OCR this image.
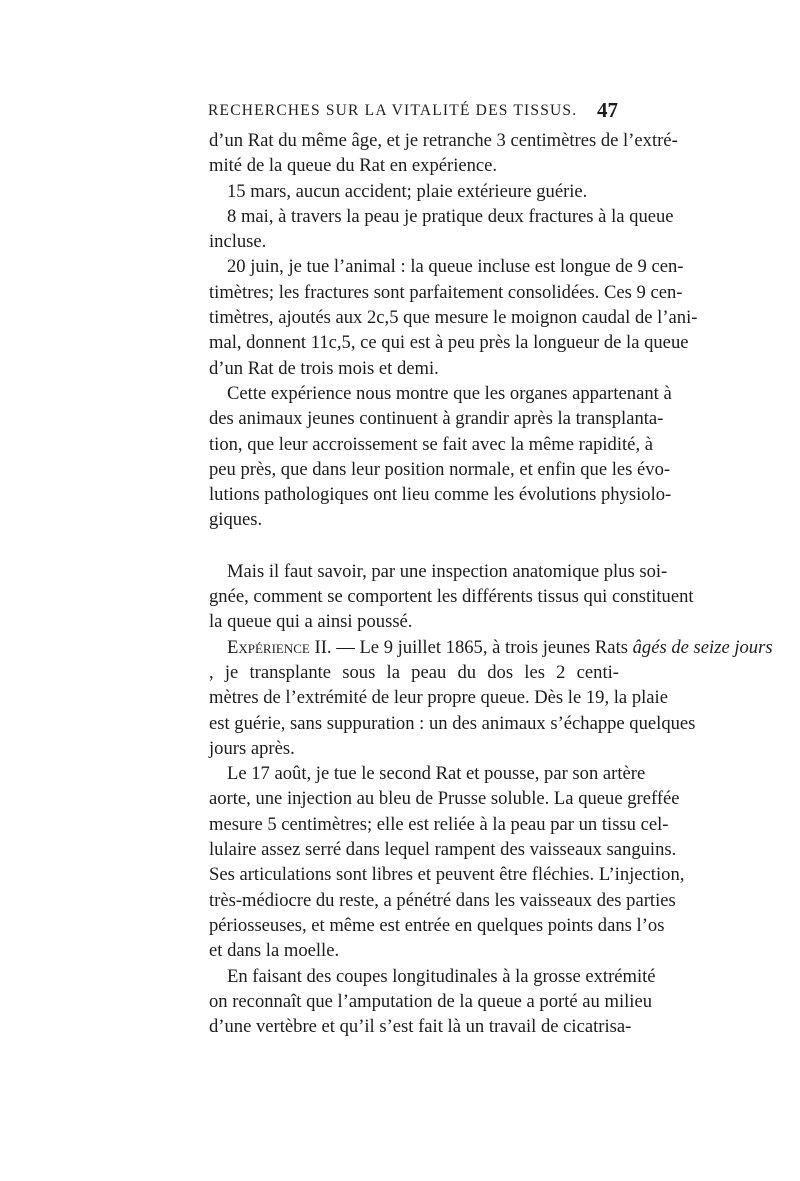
RECHERCHES SUR LA VITALITÉ DES TISSUS. 47
d’un Rat du même âge, et je retranche 3 centimètres de l’extré-
mité de la queue du Rat en expérience.
15 mars, aucun accident; plaie extérieure guérie.
8 mai, à travers la peau je pratique deux fractures à la queue
incluse.
20 juin, je tue l’animal : la queue incluse est longue de 9 cen-
timètres; les fractures sont parfaitement consolidées. Ces 9 cen-
timètres, ajoutés aux 2c,5 que mesure le moignon caudal de l’ani-
mal, donnent 11c,5, ce qui est à peu près la longueur de la queue
d’un Rat de trois mois et demi.
Cette expérience nous montre que les organes appartenant à
des animaux jeunes continuent à grandir après la transplanta-
tion, que leur accroissement se fait avec la même rapidité, à
peu près, que dans leur position normale, et enfin que les évo-
lutions pathologiques ont lieu comme les évolutions physiolo-
giques.
Mais il faut savoir, par une inspection anatomique plus soi-
gnée, comment se comportent les différents tissus qui constituent
la queue qui a ainsi poussé.
Expérience II. — Le 9 juillet 1865, à trois jeunes Rats âgés de seize jours
, je transplante sous la peau du dos les 2 centi-
mètres de l’extrémité de leur propre queue. Dès le 19, la plaie
est guérie, sans suppuration : un des animaux s’échappe quelques
jours après.
Le 17 août, je tue le second Rat et pousse, par son artère
aorte, une injection au bleu de Prusse soluble. La queue greffée
mesure 5 centimètres; elle est reliée à la peau par un tissu cel-
lulaire assez serré dans lequel rampent des vaisseaux sanguins.
Ses articulations sont libres et peuvent être fléchies. L’injection,
très-médiocre du reste, a pénétré dans les vaisseaux des parties
périosseuses, et même est entrée en quelques points dans l’os
et dans la moelle.
En faisant des coupes longitudinales à la grosse extrémité
on reconnaît que l’amputation de la queue a porté au milieu
d’une vertèbre et qu’il s’est fait là un travail de cicatrisa-
